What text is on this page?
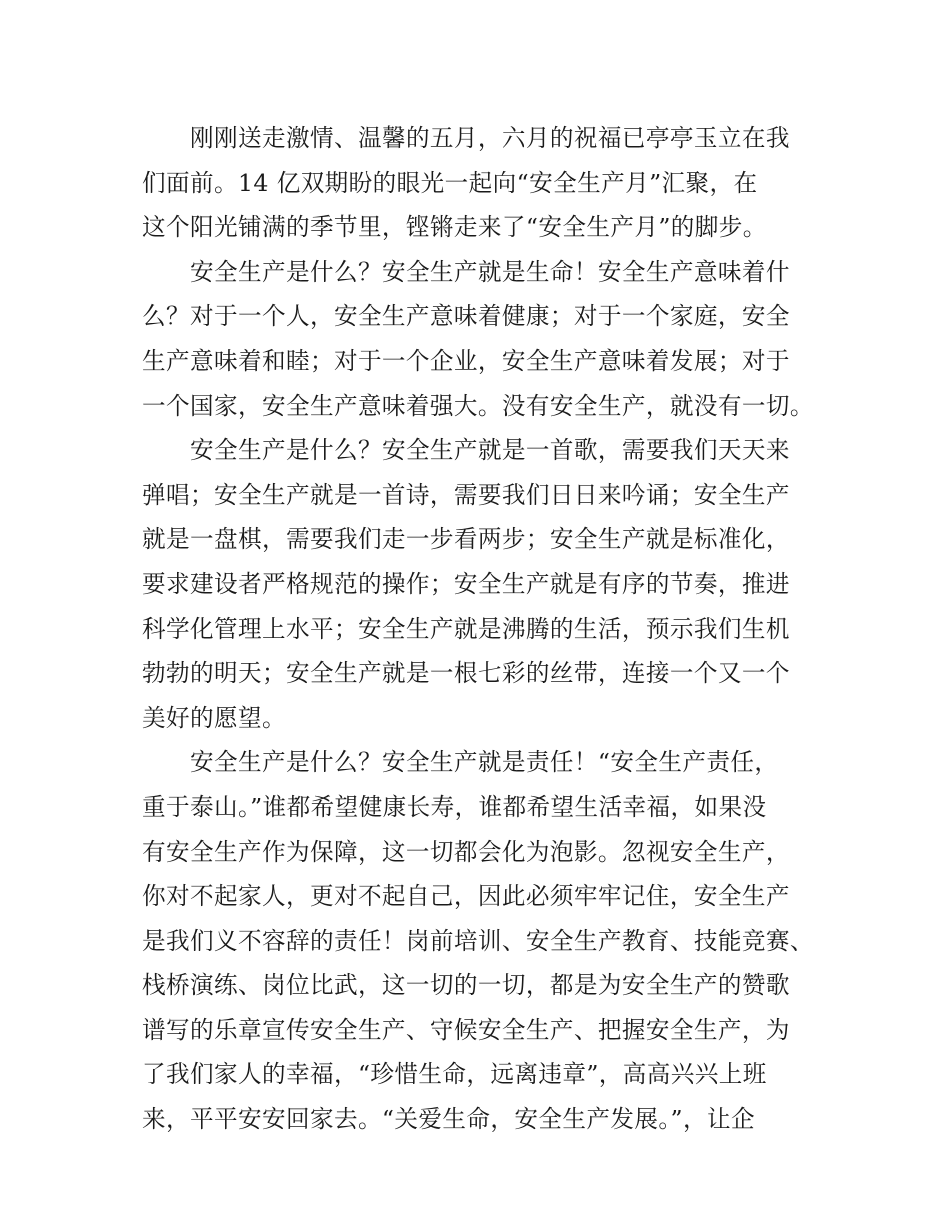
刚刚送走激情、温馨的五月，六月的祝福已亭亭玉立在我
们面前。14 亿双期盼的眼光一起向“安全生产月”汇聚，在
这个阳光铺满的季节里，铿锵走来了“安全生产月”的脚步。
安全生产是什么？安全生产就是生命！安全生产意味着什
么？对于一个人，安全生产意味着健康；对于一个家庭，安全
生产意味着和睦；对于一个企业，安全生产意味着发展；对于
一个国家，安全生产意味着强大。没有安全生产，就没有一切。
安全生产是什么？安全生产就是一首歌，需要我们天天来
弹唱；安全生产就是一首诗，需要我们日日来吟诵；安全生产
就是一盘棋，需要我们走一步看两步；安全生产就是标准化，
要求建设者严格规范的操作；安全生产就是有序的节奏，推进
科学化管理上水平；安全生产就是沸腾的生活，预示我们生机
勃勃的明天；安全生产就是一根七彩的丝带，连接一个又一个
美好的愿望。
安全生产是什么？安全生产就是责任！“安全生产责任，
重于泰山。”谁都希望健康长寿，谁都希望生活幸福，如果没
有安全生产作为保障，这一切都会化为泡影。忽视安全生产，
你对不起家人，更对不起自己，因此必须牢牢记住，安全生产
是我们义不容辞的责任！岗前培训、安全生产教育、技能竞赛、
栈桥演练、岗位比武，这一切的一切，都是为安全生产的赞歌
谱写的乐章宣传安全生产、守候安全生产、把握安全生产，为
了我们家人的幸福，“珍惜生命，远离违章”，高高兴兴上班
来，平平安安回家去。“关爱生命，安全生产发展。”，让企
